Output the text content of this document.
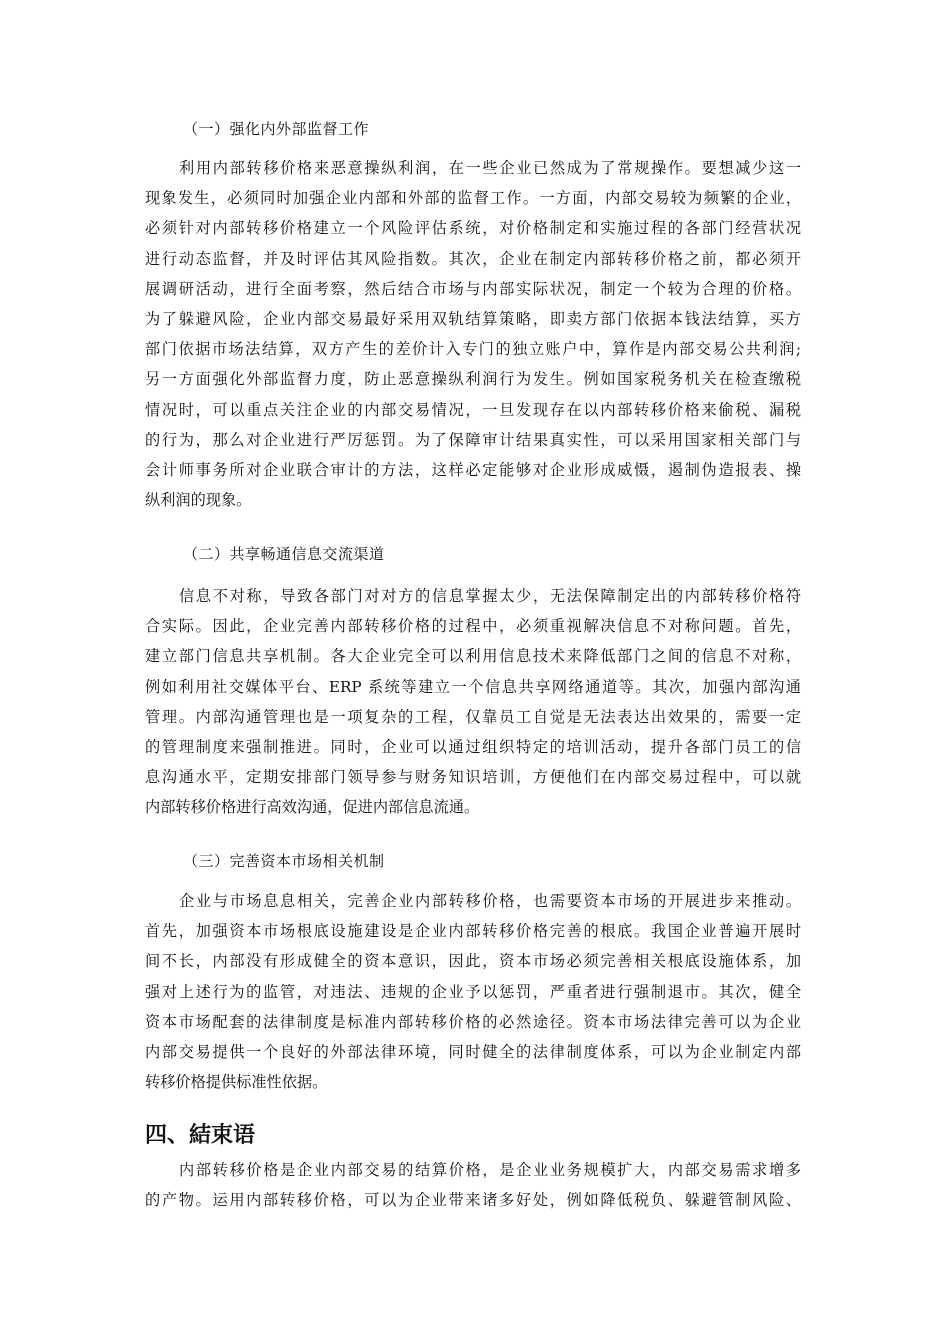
（一）强化内外部监督工作
利用内部转移价格来恶意操纵利润，在一些企业已然成为了常规操作。要想减少这一
现象发生，必须同时加强企业内部和外部的监督工作。一方面，内部交易较为频繁的企业，
必须针对内部转移价格建立一个风险评估系统，对价格制定和实施过程的各部门经营状况
进行动态监督，并及时评估其风险指数。其次，企业在制定内部转移价格之前，都必须开
展调研活动，进行全面考察，然后结合市场与内部实际状况，制定一个较为合理的价格。
为了躲避风险，企业内部交易最好采用双轨结算策略，即卖方部门依据本钱法结算，买方
部门依据市场法结算，双方产生的差价计入专门的独立账户中，算作是内部交易公共利润;
另一方面强化外部监督力度，防止恶意操纵利润行为发生。例如国家税务机关在检查缴税
情况时，可以重点关注企业的内部交易情况，一旦发现存在以内部转移价格来偷税、漏税
的行为，那么对企业进行严厉惩罚。为了保障审计结果真实性，可以采用国家相关部门与
会计师事务所对企业联合审计的方法，这样必定能够对企业形成威慑，遏制伪造报表、操
纵利润的现象。
（二）共享畅通信息交流渠道
信息不对称，导致各部门对对方的信息掌握太少，无法保障制定出的内部转移价格符
合实际。因此，企业完善内部转移价格的过程中，必须重视解决信息不对称问题。首先，
建立部门信息共享机制。各大企业完全可以利用信息技术来降低部门之间的信息不对称，
例如利用社交媒体平台、ERP 系统等建立一个信息共享网络通道等。其次，加强内部沟通
管理。内部沟通管理也是一项复杂的工程，仅靠员工自觉是无法表达出效果的，需要一定
的管理制度来强制推进。同时，企业可以通过组织特定的培训活动，提升各部门员工的信
息沟通水平，定期安排部门领导参与财务知识培训，方便他们在内部交易过程中，可以就
内部转移价格进行高效沟通，促进内部信息流通。
（三）完善资本市场相关机制
企业与市场息息相关，完善企业内部转移价格，也需要资本市场的开展进步来推动。
首先，加强资本市场根底设施建设是企业内部转移价格完善的根底。我国企业普遍开展时
间不长，内部没有形成健全的资本意识，因此，资本市场必须完善相关根底设施体系，加
强对上述行为的监管，对违法、违规的企业予以惩罚，严重者进行强制退市。其次，健全
资本市场配套的法律制度是标准内部转移价格的必然途径。资本市场法律完善可以为企业
内部交易提供一个良好的外部法律环境，同时健全的法律制度体系，可以为企业制定内部
转移价格提供标准性依据。
四、結束语
内部转移价格是企业内部交易的结算价格，是企业业务规模扩大，内部交易需求增多
的产物。运用内部转移价格，可以为企业带来诸多好处，例如降低税负、躲避管制风险、
